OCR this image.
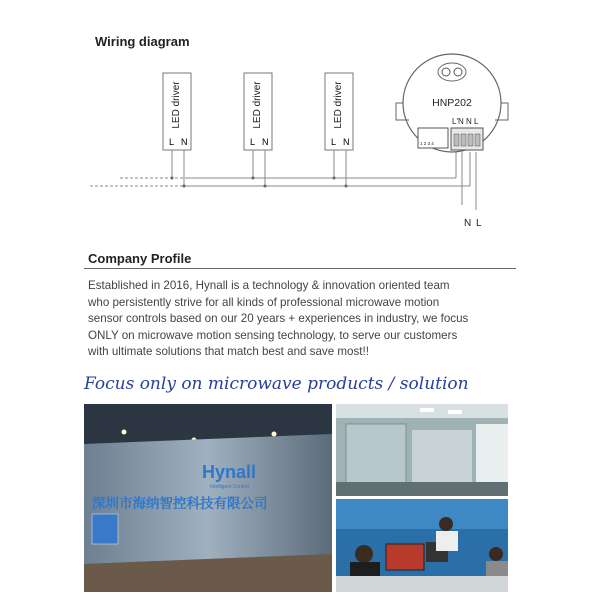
Wiring diagram
LED driver
L N
LED driver
L N
LED driver
L N
HNP202
1 2 3 4
L'N N L
N L
Company Profile
Established in 2016, Hynall is a technology & innovation oriented team
who persistently strive for all kinds of professional microwave motion
sensor controls based on our 20 years + experiences in industry, we focus
ONLY on microwave motion sensing technology, to serve our customers
with ultimate solutions that match best and save most!!
Focus only on microwave products / solution
Hynall
Intelligent Control
深圳市海纳智控科技有限公司
